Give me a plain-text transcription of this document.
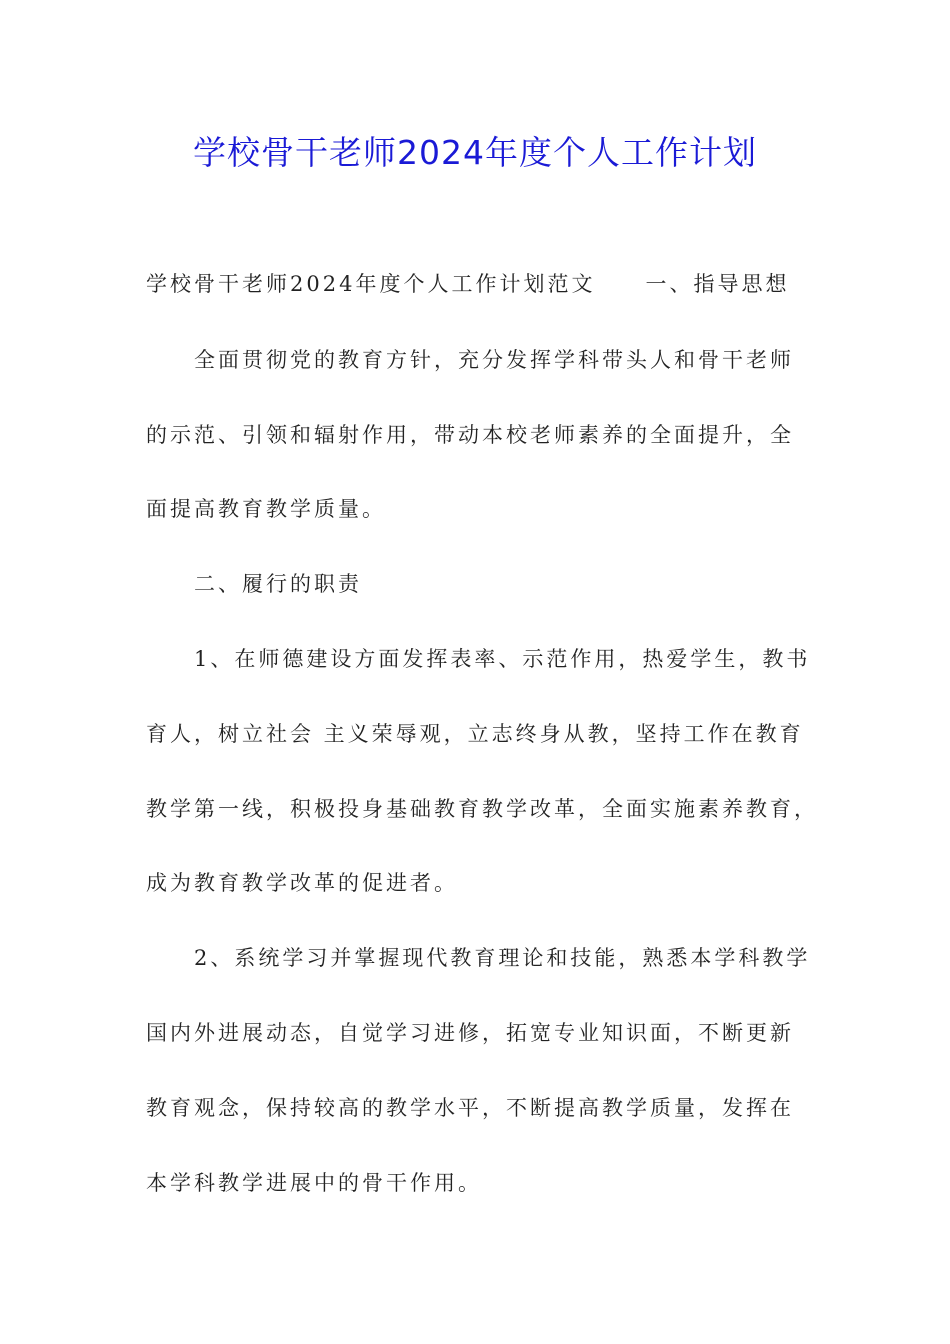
学校骨干老师2024年度个人工作计划
学校骨干老师2024年度个人工作计划范文 一、指导思想
全面贯彻党的教育方针，充分发挥学科带头人和骨干老师
的示范、引领和辐射作用，带动本校老师素养的全面提升，全
面提高教育教学质量。
二、履行的职责
1、在师德建设方面发挥表率、示范作用，热爱学生，教书
育人，树立社会 主义荣辱观，立志终身从教，坚持工作在教育
教学第一线，积极投身基础教育教学改革，全面实施素养教育，
成为教育教学改革的促进者。
2、系统学习并掌握现代教育理论和技能，熟悉本学科教学
国内外进展动态，自觉学习进修，拓宽专业知识面，不断更新
教育观念，保持较高的教学水平，不断提高教学质量，发挥在
本学科教学进展中的骨干作用。
